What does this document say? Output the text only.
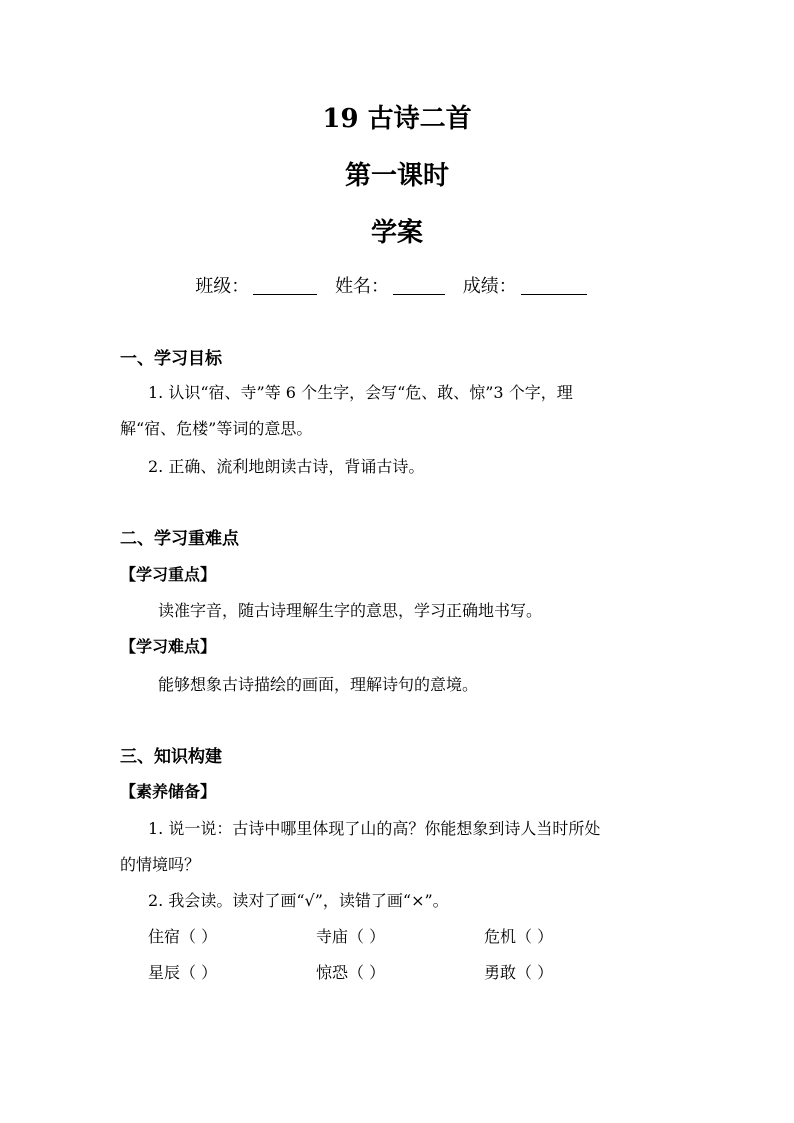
19 古诗二首
第一课时
学案
班级：	姓名：	成绩：
一、学习目标
1. 认识“宿、寺”等 6 个生字，会写“危、敢、惊”3 个字，理
解“宿、危楼”等词的意思。
2. 正确、流利地朗读古诗，背诵古诗。
二、学习重难点
【学习重点】
读准字音，随古诗理解生字的意思，学习正确地书写。
【学习难点】
能够想象古诗描绘的画面，理解诗句的意境。
三、知识构建
【素养储备】
1. 说一说：古诗中哪里体现了山的高？你能想象到诗人当时所处
的情境吗？
2. 我会读。读对了画“√”，读错了画“×”。
住宿（ ）	寺庙（ ）	危机（ ）
星辰（ ）	惊恐（ ）	勇敢（ ）
